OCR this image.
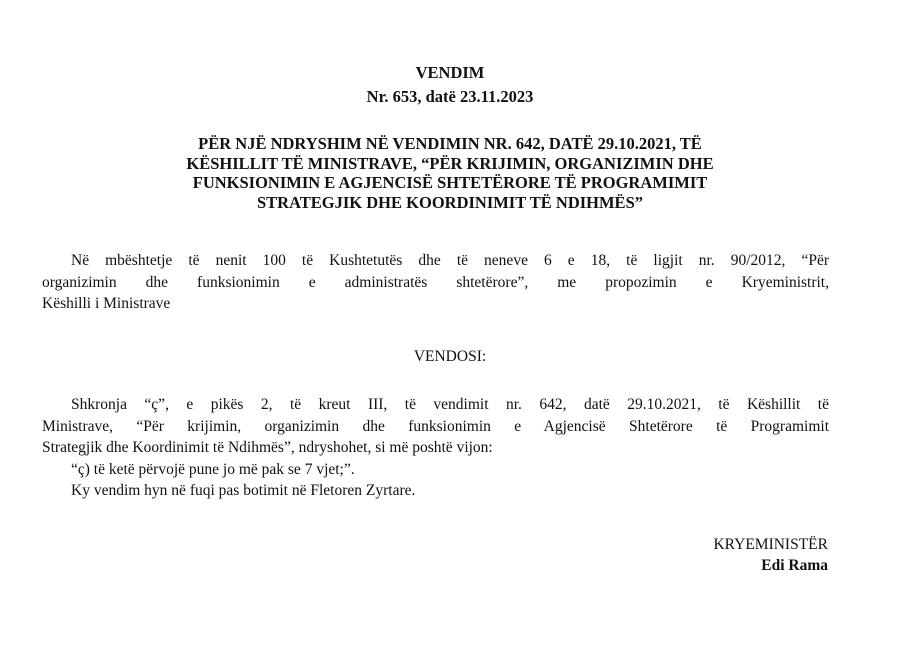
VENDIM
Nr. 653, datë 23.11.2023
PËR NJË NDRYSHIM NË VENDIMIN NR. 642, DATË 29.10.2021, TË
KËSHILLIT TË MINISTRAVE, “PËR KRIJIMIN, ORGANIZIMIN DHE
FUNKSIONIMIN E AGJENCISË SHTETËRORE TË PROGRAMIMIT
STRATEGJIK DHE KOORDINIMIT TË NDIHMËS”
Në mbështetje të nenit 100 të Kushtetutës dhe të neneve 6 e 18, të ligjit nr. 90/2012, “Për
organizimin dhe funksionimin e administratës shtetërore”, me propozimin e Kryeministrit,
Këshilli i Ministrave
VENDOSI:
Shkronja “ç”, e pikës 2, të kreut III, të vendimit nr. 642, datë 29.10.2021, të Këshillit të
Ministrave, “Për krijimin, organizimin dhe funksionimin e Agjencisë Shtetërore të Programimit
Strategjik dhe Koordinimit të Ndihmës”, ndryshohet, si më poshtë vijon:
“ç) të ketë përvojë pune jo më pak se 7 vjet;”.
Ky vendim hyn në fuqi pas botimit në Fletoren Zyrtare.
KRYEMINISTËR
Edi Rama
